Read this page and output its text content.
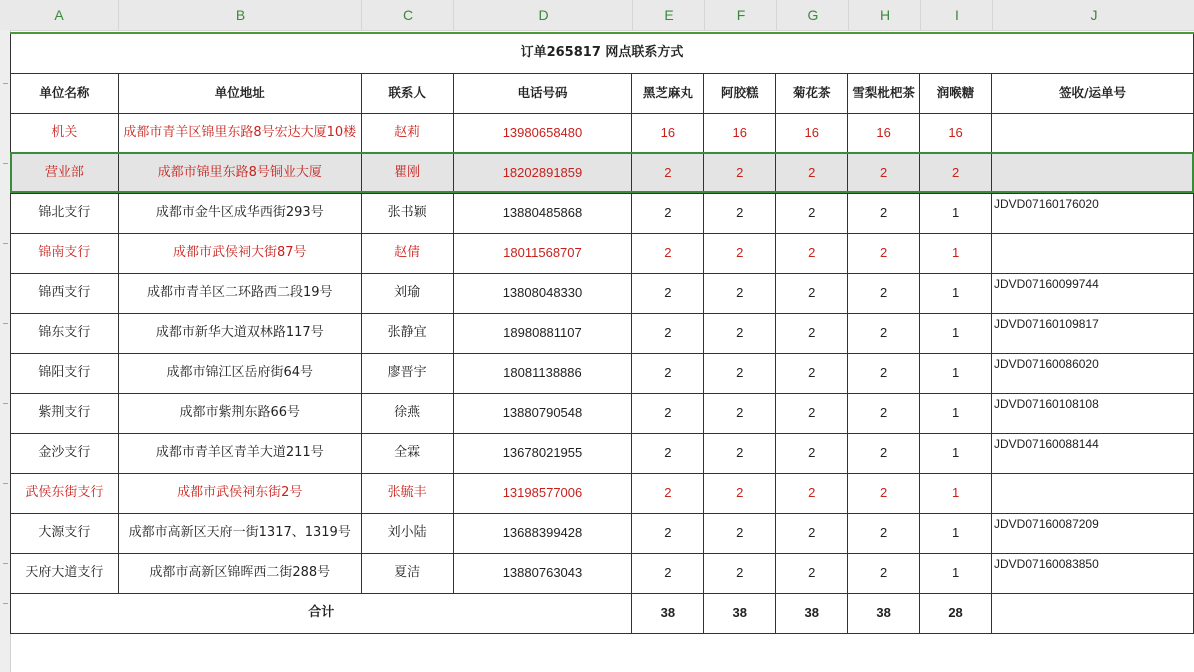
A	B	C	D	E	F	G	H	I	J
订单265817 网点联系方式									
单位名称	单位地址	联系人	电话号码	黑芝麻丸	阿胶糕	菊花茶	雪梨枇杷茶	润喉糖	签收/运单号
机关	成都市青羊区锦里东路8号宏达大厦10楼	赵莉	13980658480	16	16	16	16	16	
营业部	成都市锦里东路8号铜业大厦	瞿刚	18202891859	2	2	2	2	2	
锦北支行	成都市金牛区成华西街293号	张书颖	13880485868	2	2	2	2	1	JDVD07160176020
锦南支行	成都市武侯祠大街87号	赵倩	18011568707	2	2	2	2	1	
锦西支行	成都市青羊区二环路西二段19号	刘瑜	13808048330	2	2	2	2	1	JDVD07160099744
锦东支行	成都市新华大道双林路117号	张静宜	18980881107	2	2	2	2	1	JDVD07160109817
锦阳支行	成都市锦江区岳府街64号	廖晋宇	18081138886	2	2	2	2	1	JDVD07160086020
紫荆支行	成都市紫荆东路66号	徐燕	13880790548	2	2	2	2	1	JDVD07160108108
金沙支行	成都市青羊区青羊大道211号	全霖	13678021955	2	2	2	2	1	JDVD07160088144
武侯东街支行	成都市武侯祠东街2号	张毓丰	13198577006	2	2	2	2	1	
大源支行	成都市高新区天府一街1317、1319号	刘小陆	13688399428	2	2	2	2	1	JDVD07160087209
天府大道支行	成都市高新区锦晖西二街288号	夏洁	13880763043	2	2	2	2	1	JDVD07160083850
合计				38	38	38	38	28	
